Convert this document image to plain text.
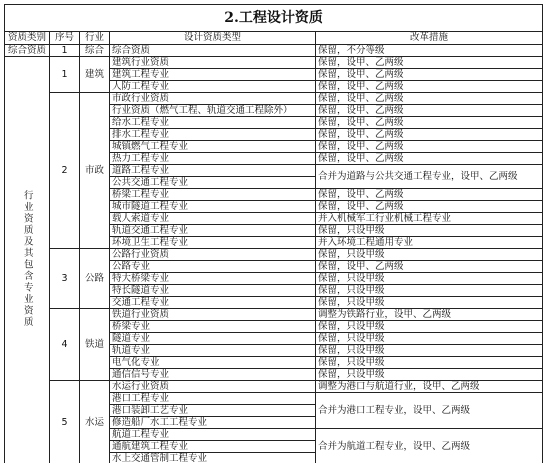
2.工程设计资质				
资质类别	序号	行业	设计资质类型	改革措施
综合资质	1	综合	综合资质	保留，不分等级
行业资质及其包含专业资质	1	建筑	建筑行业资质	保留，设甲、乙两级
			建筑工程专业	保留，设甲、乙两级
			人防工程专业	保留，设甲、乙两级
	2	市政	市政行业资质	保留，设甲、乙两级
			行业资质（燃气工程、轨道交通工程除外）	保留，设甲、乙两级
			给水工程专业	保留，设甲、乙两级
			排水工程专业	保留，设甲、乙两级
			城镇燃气工程专业	保留，设甲、乙两级
			热力工程专业	保留，设甲、乙两级
			道路工程专业	合并为道路与公共交通工程专业，设甲、乙两级
			公共交通工程专业	
			桥梁工程专业	保留，设甲、乙两级
			城市隧道工程专业	保留，设甲、乙两级
			载人索道专业	并入机械军工行业机械工程专业
			轨道交通工程专业	保留，只设甲级
			环境卫生工程专业	并入环境工程通用专业
	3	公路	公路行业资质	保留，只设甲级
			公路专业	保留，设甲、乙两级
			特大桥梁专业	保留，只设甲级
			特长隧道专业	保留，只设甲级
			交通工程专业	保留，只设甲级
	4	铁道	铁道行业资质	调整为铁路行业，设甲、乙两级
			桥梁专业	保留，只设甲级
			隧道专业	保留，只设甲级
			轨道专业	保留，只设甲级
			电气化专业	保留，只设甲级
			通信信号专业	保留，只设甲级
	5	水运	水运行业资质	调整为港口与航道行业，设甲、乙两级
			港口工程专业	合并为港口工程专业，设甲、乙两级
			港口装卸工艺专业	
			修造船厂水工工程专业	
			航道工程专业	合并为航道工程专业，设甲、乙两级
			通航建筑工程专业	
			水上交通管制工程专业	
